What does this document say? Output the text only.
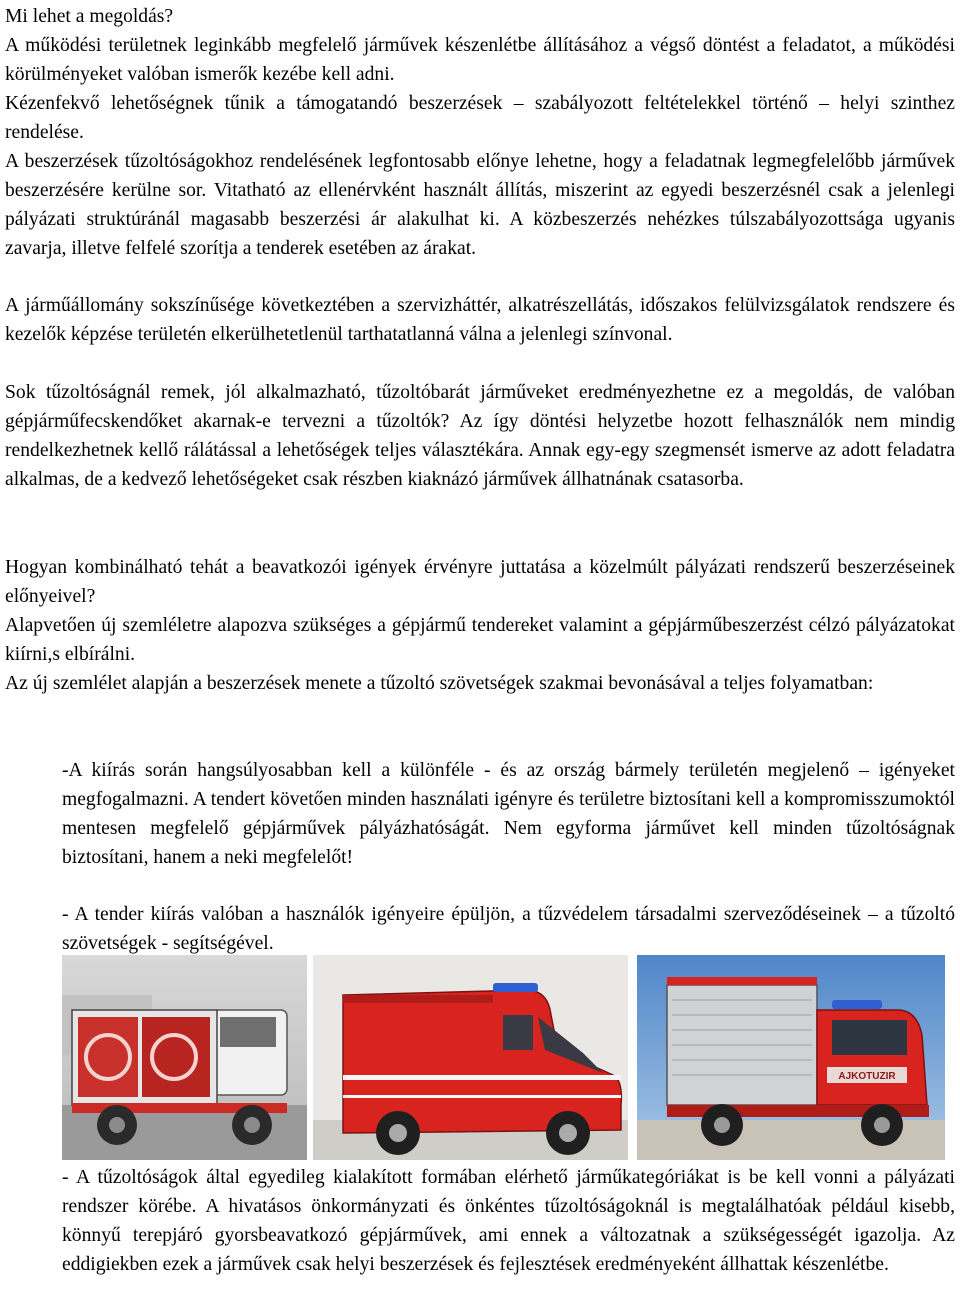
Mi lehet a megoldás?

A működési területnek leginkább megfelelő járművek készenlétbe állításához a végső döntést a feladatot, a működési körülményeket valóban ismerők kezébe kell adni.

Kézenfekvő lehetőségnek tűnik a támogatandó beszerzések – szabályozott feltételekkel történő – helyi szinthez rendelése.

A beszerzések tűzoltóságokhoz rendelésének legfontosabb előnye lehetne, hogy a feladatnak legmegfelelőbb járművek beszerzésére kerülne sor. Vitatható az ellenérvként használt állítás, miszerint az egyedi beszerzésnél csak a jelenlegi pályázati struktúránál magasabb beszerzési ár alakulhat ki. A közbeszerzés nehézkes túlszabályozottsága ugyanis zavarja, illetve felfelé szorítja a tenderek esetében az árakat.

A járműállomány sokszínűsége következtében a szervizháttér, alkatrészellátás, időszakos felülvizsgálatok rendszere és kezelők képzése területén elkerülhetetlenül tarthatatlanná válna a jelenlegi színvonal.

Sok tűzoltóságnál remek, jól alkalmazható, tűzoltóbarát járműveket eredményezhetne ez a megoldás, de valóban gépjárműfecskendőket akarnak-e tervezni a tűzoltók? Az így döntési helyzetbe hozott felhasználók nem mindig rendelkezhetnek kellő rálátással a lehetőségek teljes választékára. Annak egy-egy szegmensét ismerve az adott feladatra alkalmas, de a kedvező lehetőségeket csak részben kiaknázó járművek állhatnának csatasorba.

Hogyan kombinálható tehát a beavatkozói igények érvényre juttatása a közelmúlt pályázati rendszerű beszerzéseinek előnyeivel?

Alapvetően új szemléletre alapozva szükséges a gépjármű tendereket valamint a gépjárműbeszerzést célzó pályázatokat kiírni,s elbírálni.

Az új szemlélet alapján a beszerzések menete a tűzoltó szövetségek szakmai bevonásával a teljes folyamatban:

-A kiírás során hangsúlyosabban kell a különféle - és az ország bármely területén megjelenő – igényeket megfogalmazni. A tendert követően minden használati igényre és területre biztosítani kell a kompromisszumoktól mentesen megfelelő gépjárművek pályázhatóságát. Nem egyforma járművet kell minden tűzoltóságnak biztosítani, hanem a neki megfelelőt!

- A tender kiírás valóban a használók igényeire épüljön, a tűzvédelem társadalmi szerveződéseinek – a tűzoltó szövetségek - segítségével.

AJKOTUZIR

- A tűzoltóságok által egyedileg kialakított formában elérhető járműkategóriákat is be kell vonni a pályázati rendszer körébe. A hivatásos önkormányzati és önkéntes tűzoltóságoknál is megtalálhatóak például kisebb, könnyű terepjáró gyorsbeavatkozó gépjárművek, ami ennek a változatnak a szükségességét igazolja. Az eddigiekben ezek a járművek csak helyi beszerzések és fejlesztések eredményeként állhattak készenlétbe.
